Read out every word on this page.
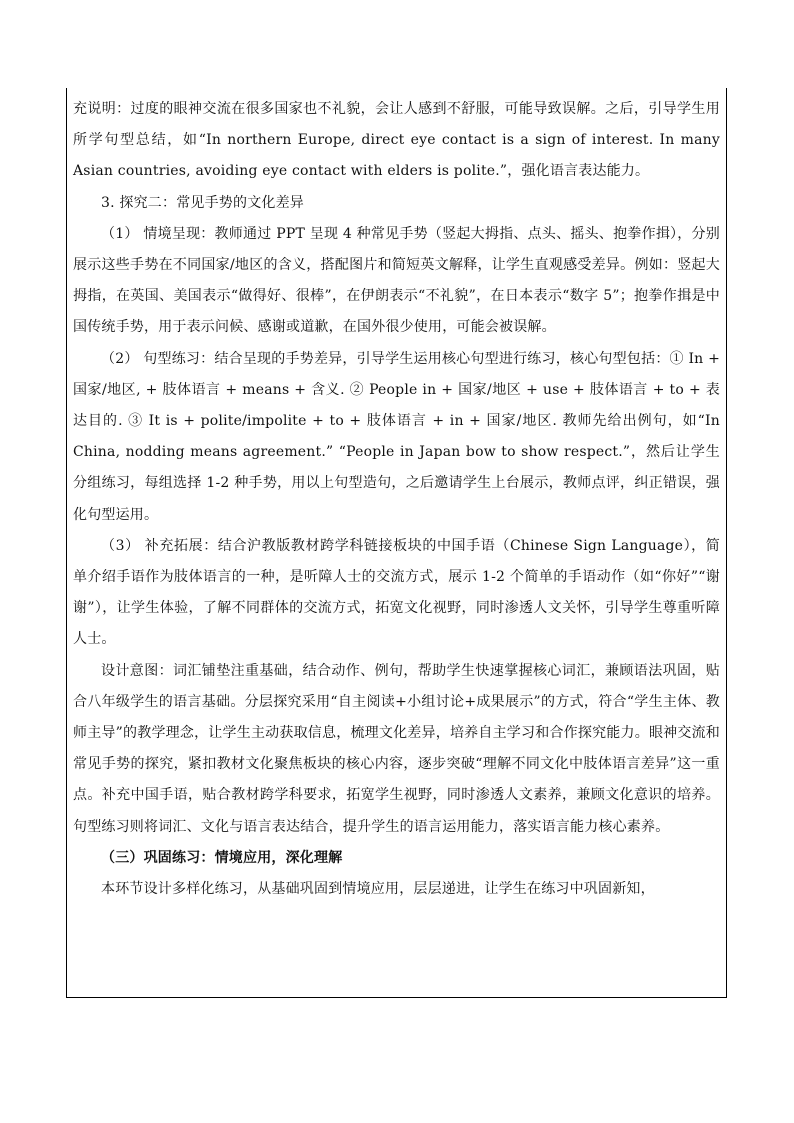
充说明：过度的眼神交流在很多国家也不礼貌，会让人感到不舒服，可能导致误解。之后，引导学生用所学句型总结，如“In northern Europe, direct eye contact is a sign of interest. In many Asian countries, avoiding eye contact with elders is polite.”，强化语言表达能力。

3. 探究二：常见手势的文化差异

（1） 情境呈现：教师通过 PPT 呈现 4 种常见手势（竖起大拇指、点头、摇头、抱拳作揖），分别展示这些手势在不同国家/地区的含义，搭配图片和简短英文解释，让学生直观感受差异。例如：竖起大拇指，在英国、美国表示“做得好、很棒”，在伊朗表示“不礼貌”，在日本表示“数字 5”；抱拳作揖是中国传统手势，用于表示问候、感谢或道歉，在国外很少使用，可能会被误解。

（2） 句型练习：结合呈现的手势差异，引导学生运用核心句型进行练习，核心句型包括：① In + 国家/地区, + 肢体语言 + means + 含义. ② People in + 国家/地区 + use + 肢体语言 + to + 表达目的. ③ It is + polite/impolite + to + 肢体语言 + in + 国家/地区. 教师先给出例句，如“In China, nodding means agreement.” “People in Japan bow to show respect.”，然后让学生分组练习，每组选择 1-2 种手势，用以上句型造句，之后邀请学生上台展示，教师点评，纠正错误，强化句型运用。

（3） 补充拓展：结合沪教版教材跨学科链接板块的中国手语（Chinese Sign Language），简单介绍手语作为肢体语言的一种，是听障人士的交流方式，展示 1-2 个简单的手语动作（如“你好”“谢谢”），让学生体验，了解不同群体的交流方式，拓宽文化视野，同时渗透人文关怀，引导学生尊重听障人士。

设计意图：词汇铺垫注重基础，结合动作、例句，帮助学生快速掌握核心词汇，兼顾语法巩固，贴合八年级学生的语言基础。分层探究采用“自主阅读+小组讨论+成果展示”的方式，符合“学生主体、教师主导”的教学理念，让学生主动获取信息，梳理文化差异，培养自主学习和合作探究能力。眼神交流和常见手势的探究，紧扣教材文化聚焦板块的核心内容，逐步突破“理解不同文化中肢体语言差异”这一重点。补充中国手语，贴合教材跨学科要求，拓宽学生视野，同时渗透人文素养，兼顾文化意识的培养。句型练习则将词汇、文化与语言表达结合，提升学生的语言运用能力，落实语言能力核心素养。

（三）巩固练习：情境应用，深化理解

本环节设计多样化练习，从基础巩固到情境应用，层层递进，让学生在练习中巩固新知，
